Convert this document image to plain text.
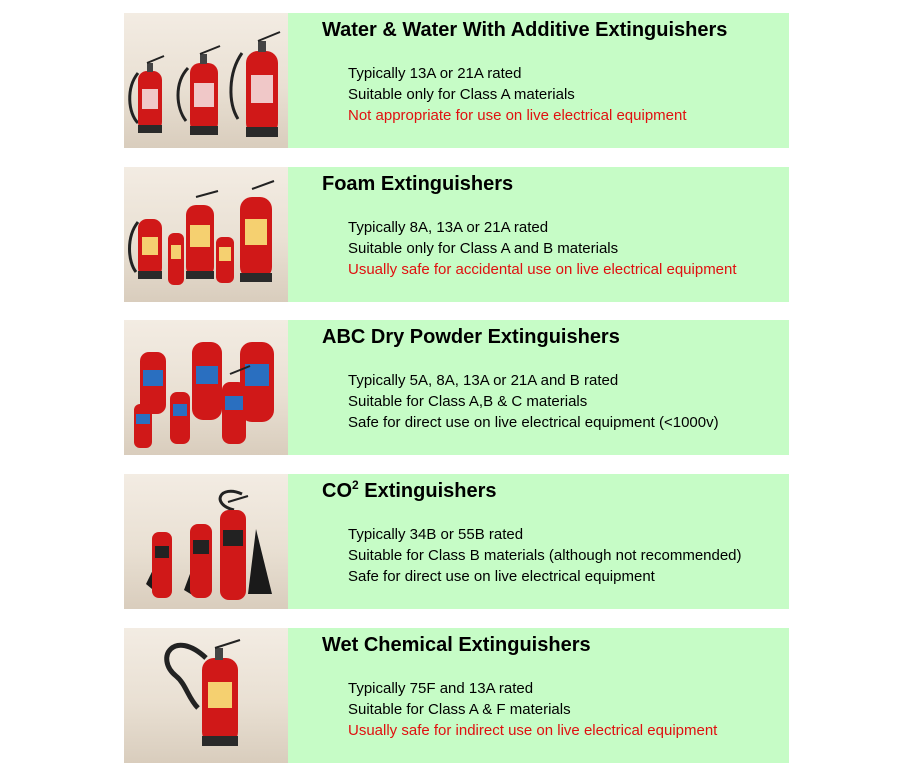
Water & Water With Additive Extinguishers
Typically 13A or 21A rated
Suitable only for Class A materials
Not appropriate for use on live electrical equipment
Foam Extinguishers
Typically 8A, 13A or 21A rated
Suitable only for Class A and B materials
Usually safe for accidental use on live electrical equipment
ABC Dry Powder Extinguishers
Typically 5A, 8A, 13A or 21A and B rated
Suitable for Class A,B & C materials
Safe for direct use on live electrical equipment (<1000v)
$CO^2$ Extinguishers
Typically 34B or 55B rated
Suitable for Class B materials (although not recommended)
Safe for direct use on live electrical equipment
Wet Chemical Extinguishers
Typically 75F and 13A rated
Suitable for Class A & F materials
Usually safe for indirect use on live electrical equipment
